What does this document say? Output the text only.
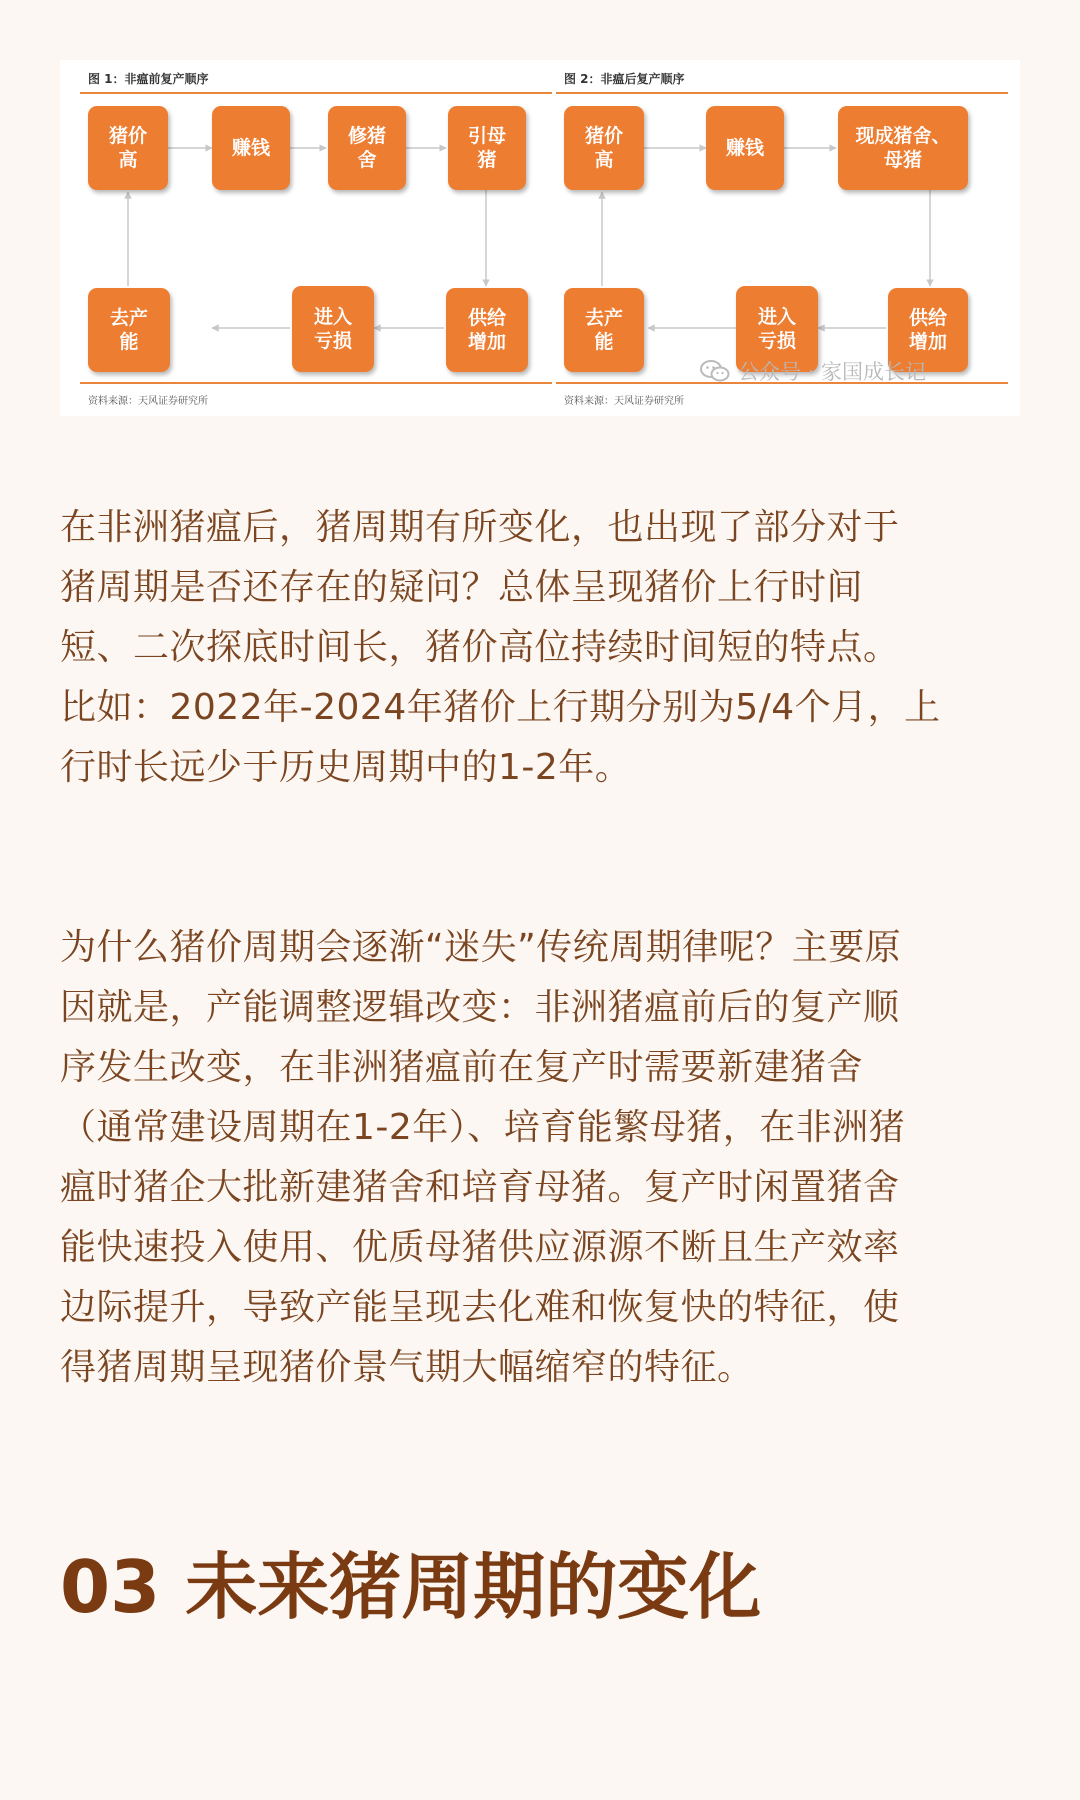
图 1：非瘟前复产顺序
猪价
高
赚钱
修猪
舍
引母
猪
供给
增加
进入
亏损
去产
能
资料来源：天风证券研究所
图 2：非瘟后复产顺序
猪价
高
赚钱
现成猪舍、
母猪
供给
增加
进入
亏损
去产
能
资料来源：天风证券研究所
公众号 · 家国成长记

在非洲猪瘟后，猪周期有所变化，也出现了部分对于
猪周期是否还存在的疑问？总体呈现猪价上行时间
短、二次探底时间长，猪价高位持续时间短的特点。
比如：2022年-2024年猪价上行期分别为5/4个月，上
行时长远少于历史周期中的1-2年。

为什么猪价周期会逐渐“迷失”传统周期律呢？主要原
因就是，产能调整逻辑改变：非洲猪瘟前后的复产顺
序发生改变，在非洲猪瘟前在复产时需要新建猪舍
（通常建设周期在1-2年）、培育能繁母猪，在非洲猪
瘟时猪企大批新建猪舍和培育母猪。复产时闲置猪舍
能快速投入使用、优质母猪供应源源不断且生产效率
边际提升，导致产能呈现去化难和恢复快的特征，使
得猪周期呈现猪价景气期大幅缩窄的特征。

03 未来猪周期的变化
